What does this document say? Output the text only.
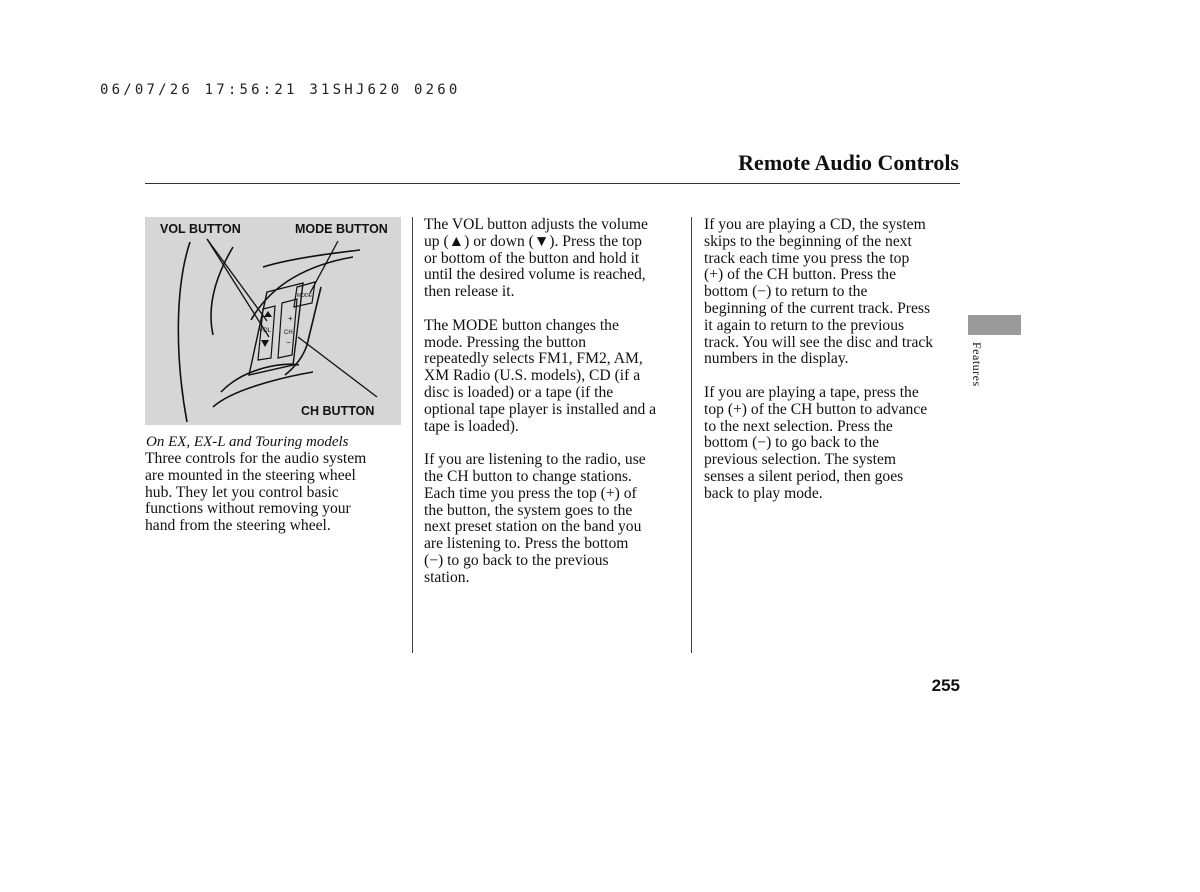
06/07/26 17:56:21 31SHJ620 0260
Remote Audio Controls
MODE
VOL CH
+
−
VOL BUTTON	MODE BUTTON
CH BUTTON
On EX, EX-L and Touring models

Three controls for the audio system
are mounted in the steering wheel
hub. They let you control basic
functions without removing your
hand from the steering wheel.

The VOL button adjusts the volume
up (▲) or down (▼). Press the top
or bottom of the button and hold it
until the desired volume is reached,
then release it.

The MODE button changes the
mode. Pressing the button
repeatedly selects FM1, FM2, AM,
XM Radio (U.S. models), CD (if a
disc is loaded) or a tape (if the
optional tape player is installed and a
tape is loaded).

If you are listening to the radio, use
the CH button to change stations.
Each time you press the top (+) of
the button, the system goes to the
next preset station on the band you
are listening to. Press the bottom
(−) to go back to the previous
station.

If you are playing a CD, the system
skips to the beginning of the next
track each time you press the top
(+) of the CH button. Press the
bottom (−) to return to the
beginning of the current track. Press
it again to return to the previous
track. You will see the disc and track
numbers in the display.

If you are playing a tape, press the
top (+) of the CH button to advance
to the next selection. Press the
bottom (−) to go back to the
previous selection. The system
senses a silent period, then goes
back to play mode.

Features
255
